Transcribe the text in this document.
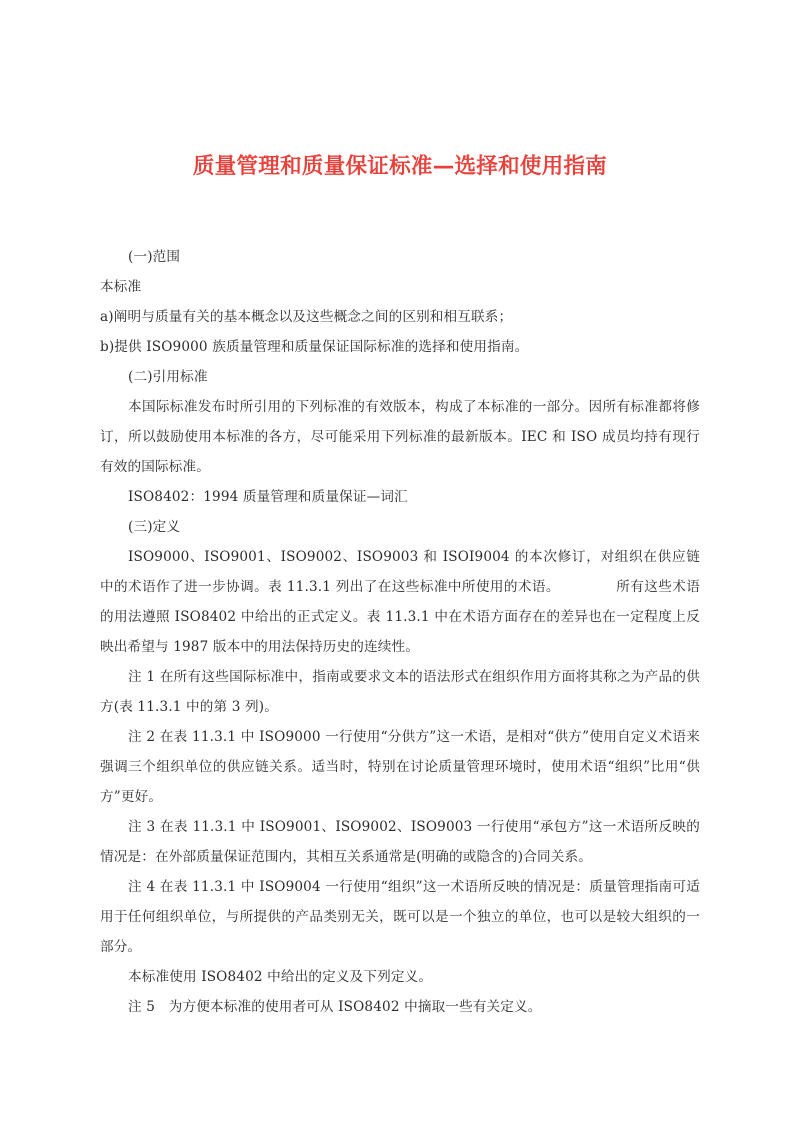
质量管理和质量保证标准—选择和使用指南

(一)范围

本标准

a)阐明与质量有关的基本概念以及这些概念之间的区别和相互联系；

b)提供 ISO9000 族质量管理和质量保证国际标准的选择和使用指南。

(二)引用标准

本国际标准发布时所引用的下列标准的有效版本，构成了本标准的一部分。因所有标准都将修订，所以鼓励使用本标准的各方，尽可能采用下列标准的最新版本。IEC 和 ISO 成员均持有现行有效的国际标准。

ISO8402：1994 质量管理和质量保证—词汇

(三)定义

ISO9000、ISO9001、ISO9002、ISO9003 和 ISOI9004 的本次修订，对组织在供应链中的术语作了进一步协调。表 11.3.1 列出了在这些标准中所使用的术语。	所有这些术语的用法遵照 ISO8402 中给出的正式定义。表 11.3.1 中在术语方面存在的差异也在一定程度上反映出希望与 1987 版本中的用法保持历史的连续性。

注 1 在所有这些国际标准中，指南或要求文本的语法形式在组织作用方面将其称之为产品的供方(表 11.3.1 中的第 3 列)。

注 2 在表 11.3.1 中 ISO9000 一行使用“分供方”这一术语，是相对“供方”使用自定义术语来强调三个组织单位的供应链关系。适当时，特别在讨论质量管理环境时，使用术语“组织”比用“供方”更好。

注 3 在表 11.3.1 中 ISO9001、ISO9002、ISO9003 一行使用“承包方”这一术语所反映的情况是：在外部质量保证范围内，其相互关系通常是(明确的或隐含的)合同关系。

注 4 在表 11.3.1 中 ISO9004 一行使用“组织”这一术语所反映的情况是：质量管理指南可适用于任何组织单位，与所提供的产品类别无关，既可以是一个独立的单位，也可以是较大组织的一部分。

本标准使用 ISO8402 中给出的定义及下列定义。

注 5　为方便本标准的使用者可从 ISO8402 中摘取一些有关定义。
